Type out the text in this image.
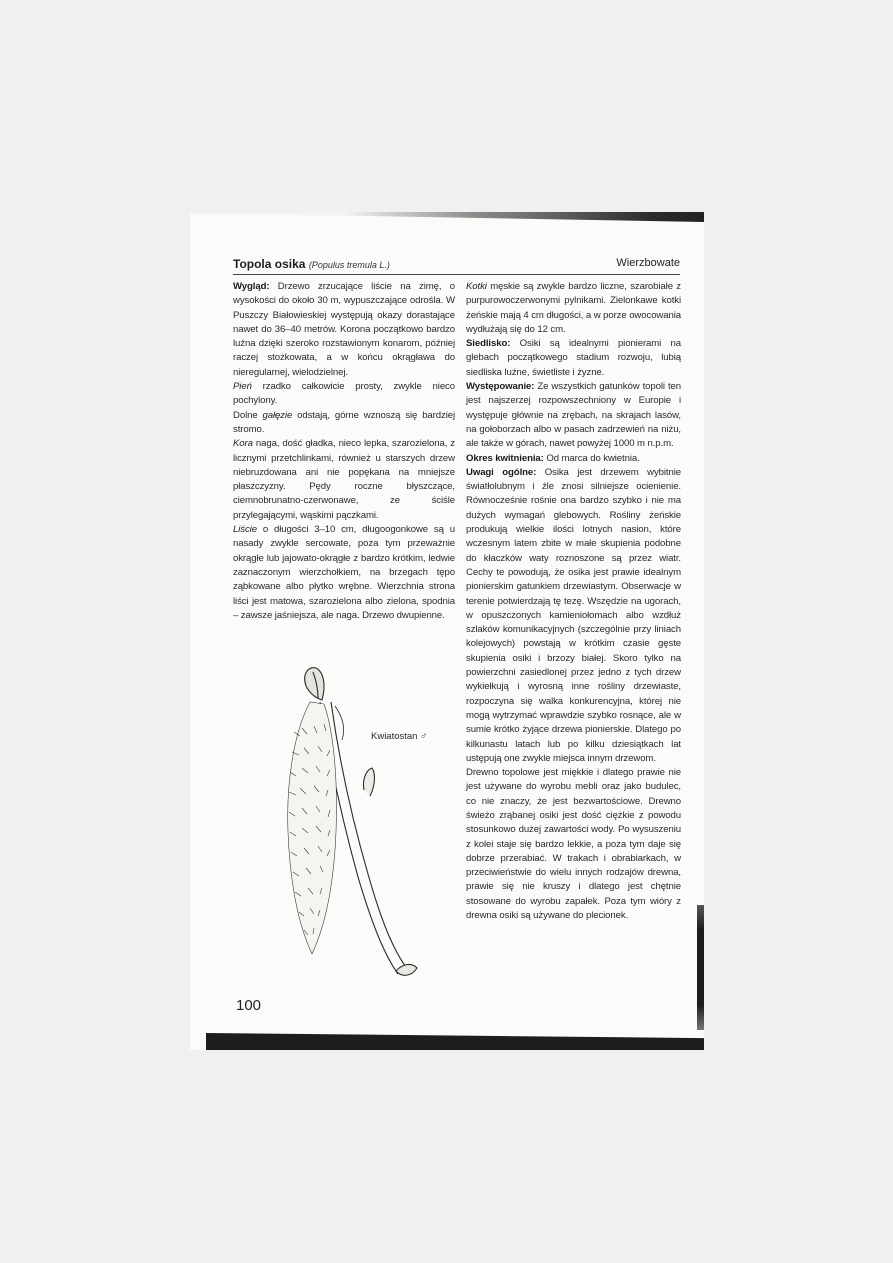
Topola osika (Populus tremula L.)	Wierzbowate

Wygląd: Drzewo zrzucające liście na zimę, o wysokości do około 30 m, wypuszczające odrośla. W Puszczy Białowieskiej występują okazy dorastające nawet do 36–40 metrów. Korona początkowo bardzo luźna dzięki szeroko rozstawionym konarom, później raczej stożkowata, a w końcu okrągława do nieregularnej, wielodzielnej.

Pień rzadko całkowicie prosty, zwykle nieco pochylony.

Dolne gałęzie odstają, górne wznoszą się bardziej stromo.

Kora naga, dość gładka, nieco lepka, szarozielona, z licznymi przetchlinkami, również u starszych drzew niebruzdowana ani nie popękana na mniejsze płaszczyzny. Pędy roczne błyszczące, ciemnobrunatno-czerwonawe, ze ściśle przylegającymi, wąskimi pączkami.

Liście o długości 3–10 cm, długoogonkowe są u nasady zwykle sercowate, poza tym przeważnie okrągłe lub jajowato-okrągłe z bardzo krótkim, ledwie zaznaczonym wierzchołkiem, na brzegach tępo ząbkowane albo płytko wrębne. Wierzchnia strona liści jest matowa, szarozielona albo zielona, spodnia – zawsze jaśniejsza, ale naga. Drzewo dwupienne.

Kwiatostan ♂

Kotki męskie są zwykle bardzo liczne, szarobiałe z purpurowoczerwonymi pylnikami. Zielonkawe kotki żeńskie mają 4 cm długości, a w porze owocowania wydłużają się do 12 cm.

Siedlisko: Osiki są idealnymi pionierami na glebach początkowego stadium rozwoju, lubią siedliska luźne, świetliste i żyzne.

Występowanie: Ze wszystkich gatunków topoli ten jest najszerzej rozpowszechniony w Europie i występuje głównie na zrębach, na skrajach lasów, na gołoborzach albo w pasach zadrzewień na niżu, ale także w górach, nawet powyżej 1000 m n.p.m.

Okres kwitnienia: Od marca do kwietnia.

Uwagi ogólne: Osika jest drzewem wybitnie światłolubnym i źle znosi silniejsze ocienienie. Równocześnie rośnie ona bardzo szybko i nie ma dużych wymagań glebowych. Rośliny żeńskie produkują wielkie ilości lotnych nasion, które wczesnym latem zbite w małe skupienia podobne do kłaczków waty roznoszone są przez wiatr. Cechy te powodują, że osika jest prawie idealnym pionierskim gatunkiem drzewiastym. Obserwacje w terenie potwierdzają tę tezę. Wszędzie na ugorach, w opuszczonych kamieniołomach albo wzdłuż szlaków komunikacyjnych (szczególnie przy liniach kolejowych) powstają w krótkim czasie gęste skupienia osiki i brzozy białej. Skoro tylko na powierzchni zasiedlonej przez jedno z tych drzew wykiełkują i wyrosną inne rośliny drzewiaste, rozpoczyna się walka konkurencyjna, której nie mogą wytrzymać wprawdzie szybko rosnące, ale w sumie krótko żyjące drzewa pionierskie. Dlatego po kilkunastu latach lub po kilku dziesiątkach lat ustępują one zwykle miejsca innym drzewom.

Drewno topolowe jest miękkie i dlatego prawie nie jest używane do wyrobu mebli oraz jako budulec, co nie znaczy, że jest bezwartościowe. Drewno świeżo zrąbanej osiki jest dość ciężkie z powodu stosunkowo dużej zawartości wody. Po wysuszeniu z kolei staje się bardzo lekkie, a poza tym daje się dobrze przerabiać. W trakach i obrabiarkach, w przeciwieństwie do wielu innych rodzajów drewna, prawie się nie kruszy i dlatego jest chętnie stosowane do wyrobu zapałek. Poza tym wióry z drewna osiki są używane do plecionek.

100
